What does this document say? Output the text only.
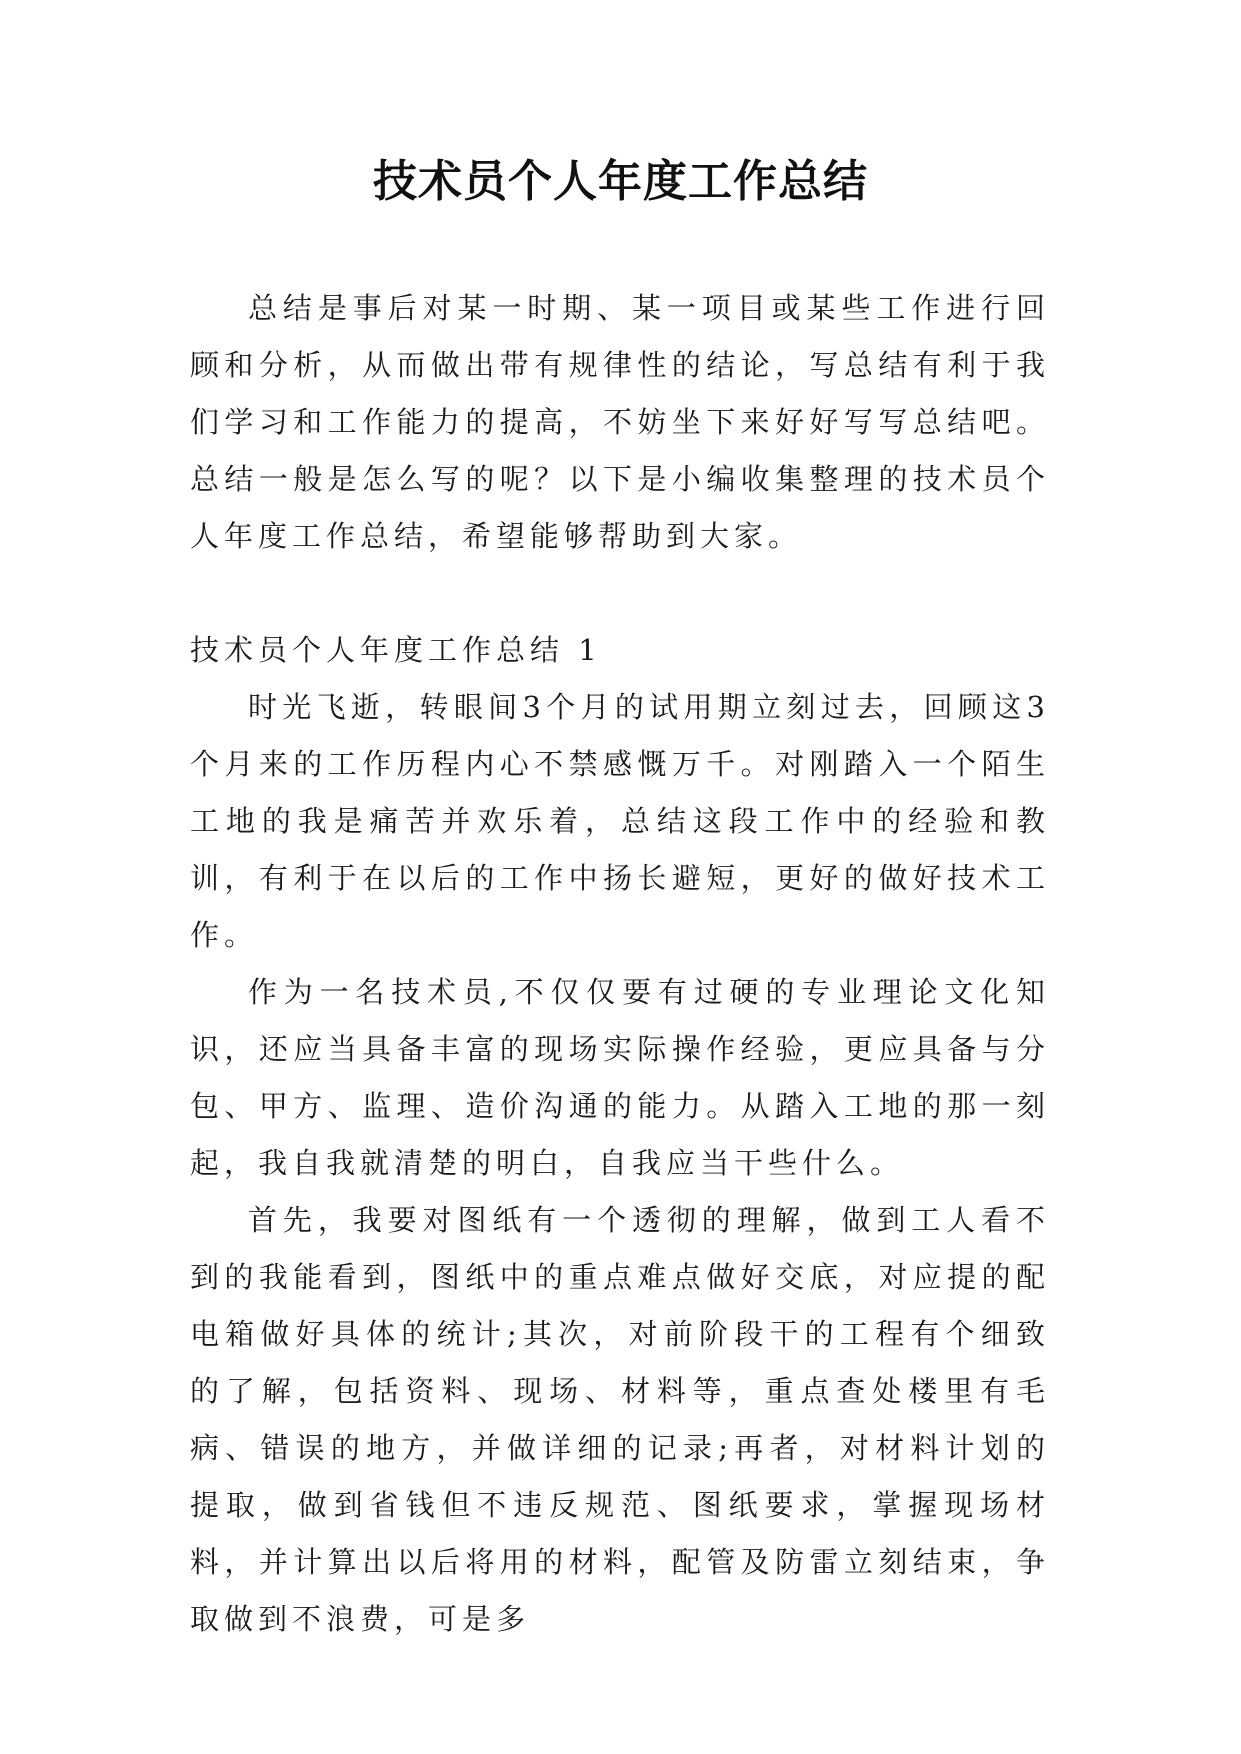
技术员个人年度工作总结

总结是事后对某一时期、某一项目或某些工作进行回顾和分析，从而做出带有规律性的结论，写总结有利于我们学习和工作能力的提高，不妨坐下来好好写写总结吧。总结一般是怎么写的呢？以下是小编收集整理的技术员个人年度工作总结，希望能够帮助到大家。

技术员个人年度工作总结 1

时光飞逝，转眼间3个月的试用期立刻过去，回顾这3个月来的工作历程内心不禁感慨万千。对刚踏入一个陌生工地的我是痛苦并欢乐着，总结这段工作中的经验和教训，有利于在以后的工作中扬长避短，更好的做好技术工作。

作为一名技术员,不仅仅要有过硬的专业理论文化知识，还应当具备丰富的现场实际操作经验，更应具备与分包、甲方、监理、造价沟通的能力。从踏入工地的那一刻起，我自我就清楚的明白，自我应当干些什么。

首先，我要对图纸有一个透彻的理解，做到工人看不到的我能看到，图纸中的重点难点做好交底，对应提的配电箱做好具体的统计;其次，对前阶段干的工程有个细致的了解，包括资料、现场、材料等，重点查处楼里有毛病、错误的地方，并做详细的记录;再者，对材料计划的提取，做到省钱但不违反规范、图纸要求，掌握现场材料，并计算出以后将用的材料，配管及防雷立刻结束，争取做到不浪费，可是多
